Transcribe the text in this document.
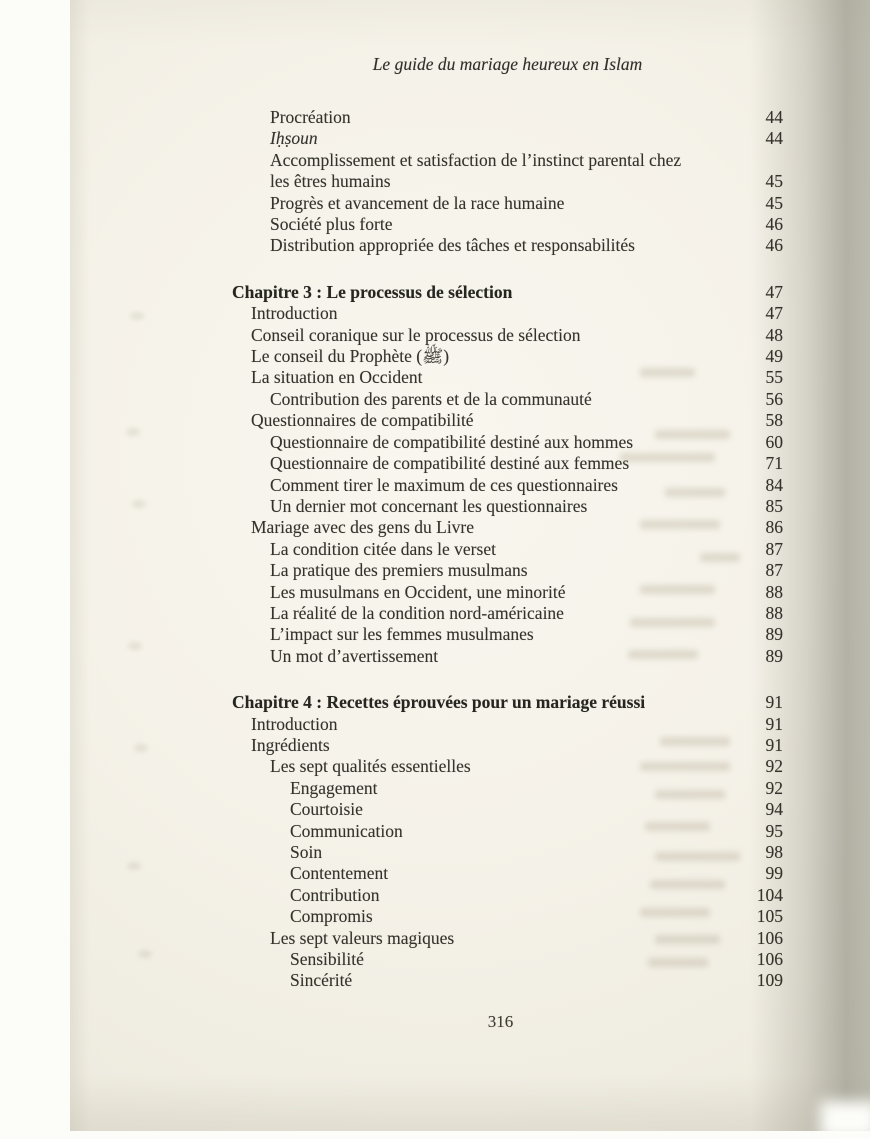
Le guide du mariage heureux en Islam
Procréation	44
Iḥṣoun	44
Accomplissement et satisfaction de l’instinct parental chez
les êtres humains	45
Progrès et avancement de la race humaine	45
Société plus forte	46
Distribution appropriée des tâches et responsabilités	46
Chapitre 3 : Le processus de sélection	47
Introduction	47
Conseil coranique sur le processus de sélection	48
Le conseil du Prophète (ﷺ)	49
La situation en Occident	55
Contribution des parents et de la communauté	56
Questionnaires de compatibilité	58
Questionnaire de compatibilité destiné aux hommes	60
Questionnaire de compatibilité destiné aux femmes	71
Comment tirer le maximum de ces questionnaires	84
Un dernier mot concernant les questionnaires	85
Mariage avec des gens du Livre	86
La condition citée dans le verset	87
La pratique des premiers musulmans	87
Les musulmans en Occident, une minorité	88
La réalité de la condition nord-américaine	88
L’impact sur les femmes musulmanes	89
Un mot d’avertissement	89
Chapitre 4 : Recettes éprouvées pour un mariage réussi	91
Introduction	91
Ingrédients	91
Les sept qualités essentielles	92
Engagement	92
Courtoisie	94
Communication	95
Soin	98
Contentement	99
Contribution	104
Compromis	105
Les sept valeurs magiques	106
Sensibilité	106
Sincérité	109
316
